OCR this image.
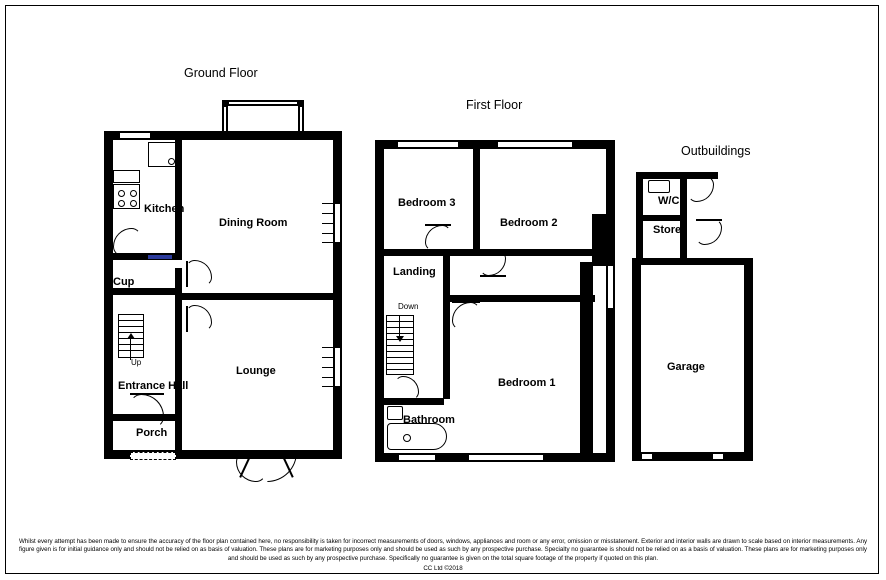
Ground Floor
First Floor
Outbuildings
Up
Kitchen
Dining Room
Cup
Lounge
Entrance Hall
Porch
Down
Bedroom 3
Bedroom 2
Landing
Bedroom 1
Bathroom
W/C
Store
Garage
Whilst every attempt has been made to ensure the accuracy of the floor plan contained here, no responsibility is taken for incorrect measurements of doors, windows, appliances and room or any error, omission or misstatement. Exterior and interior walls are drawn to scale based on interior measurements. Any figure given is for initial guidance only and should not be relied on as basis of valuation. These plans are for marketing purposes only and should be used as such by any prospective purchase. Specialty no guarantee is should not be relied on as a basis of valuation. These plans are for marketing purposes only and should be used as such by any prospective purchase. Specifically no guarantee is given on the total square footage of the property if quoted on this plan.
CC Ltd ©2018
